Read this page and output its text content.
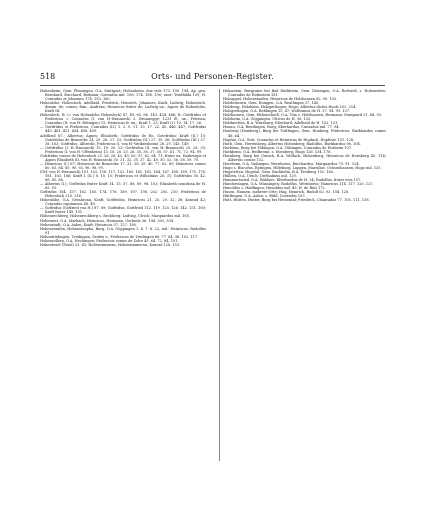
518	Orts- und Personen-Register.

Hohenheim, Gem. Plieningen, O.A. Stuttgart; Hohenheim, dux vide 173. 190. 194. Ap. gen. Bernhard, Burchard, Bodman; Conradus mil. 106. 174. 188. 190; uxor: Trudhilda 105; H. Conradus et Johannes 174. 193. 160.

Hohenlohe, Hohenloch, Adelheid, Friedrich, Heinrich, Johannes, Kraft, Ludwig; Hohenloch, domin. de; comes; fam.: Andreas; Heinricus frater de; Ludwig ux.: Agnes de Hohenlohe, Kraft III.

Hohenloch, H. (= von Hohenlohe Hohenloch) 47. 49. 65. 66. 143. 434. 486; H. Gottfridus et Fridericus = Conradus (I. von H.-Brauneck) 2. Brunnegge; 1231 ff.; ux.: Petrissa; Conradus (II. von H.-Rötingen) 15; Heinricus fr. ux.: Kraft 1. 23; Kraft (I.) 10. 14. 17. 26.

— Gottfridus et Fridericus, Conradus (II.) 1. 2. 9. 11. 13. 17. 22. 45. 446. 447; Gottfridus 443. 481. 451. 454. 458. 459.

Adelheid 67.; Albertus; Agnes; Elisabeth; Gottfridus de Ho. Gotefridus; Kraft (II.) 15; Gotefridus de Brunecke 24. 25. 26. 27. 33; Gottfridus (II.) 27. 35. 36; Gottfridus (III.) 37. 38. 163; Gotfridus, Albrecht, Fridericus (I. von H.-Weikersheim) 28. 29. 143. 149.

— Gottfridus (I. H.-Brauneck) 15. 18. 20. 23; Gottfridus (II. von H.-Brauneck) 25. 28. 35; Fridericus (I. von H.-Uffenheim) 15. 18. 20. 25. 26. 35. 38. 37. 50. 57. 61. 71. 72. 94. 99.

Gottfridus comes de Hohenloch 25. 26. 28. 43. 45; 50; 57; 62. 64. 71; frater ux. Hadewigis et Agnes Elizabeth (II. von H.-Brauneck) 30. 31. 32. 35. 37. 42. 49. 50. 52. 56. 58. 59. 70.

— Heinricus (I.) 67; Heinricus de Brunecke 17. 31. 38. 39. 40. 77. 82. 89; Heinricus comes 80. 83. 84. 85. 90. 93. 96. 98. 99.

(Grf. von H.-Brauneck) 101. 102. 116. 117. 152. 160. 161. 162. 164. 167. 168. 169. 170. 178. 181. 183. 186; Kraft I. (II.) 8. 10. 15; Fridericus et Wilhelmus 28. 31; Gottfridus 38. 42. 66. 85. 86.

— Albertus (I.); Gotfridus frater Kraft 14. 15. 57. 88. 89. 98. 103; Elizabeth comitissa de H. 85. 93.

Gotfridus 184. 157. 162. 165. 174. 176. 189. 197. 198. 202. 205. 210; Fridericus de Hohenloch 210. 216.

Hohenlohe, O.A. Gerabronn, Kraft, Gottfridus, Heinricus 21. 25. 29. 32. 38; Konrad 42; Conradus capitaneus 46. 49.

— Gotfridus (Gotfried von H.) 87. 89; Gotfridus, Gottfried 112. 119. 125. 126. 142. 151. 160; Kraft frater 149. 151.

Hohenrechberg, Hohenrechberg s. Rechberg. Ludwig, Ulrich; Marquardus mil. 185.

Hohenriet, O.A. Marbach, Heinricus, Hermann, Gerlinde 36. 194. 303. 304.

Hohenstadt, O.A. Aalen, Kraft; Heinricus 37. 127. 198.

Hohenstaufen, Hohenstoupha, Burg, O.A. Göppingen 1. 4. 7. 8. 22; mil.: Heinricus, Rudolfus 91.

Hohentrüdingen, Trudingen, Grafen v.; Fridericus de Trudingen 66. 77. 84. 96. 102. 117.

Hohenzollern, O.A. Hechingen; Fridericus comes de Zolre 45. 64. 72. 84. 101.

Hohentwiel (Twiel) 33. 45; Hohenzimmern, Hohenzimmeren, Konrad 128. 153.

Hohnstein, Burgruine bei Bad Dürkheim, Gem. Dietingen, O.A. Rottweil, s. Hohenstein; Conradus de Hohnstein 181.

Holzappel, Hohenstaufen; Heinricus de Holzhausen 82. 90. 103.

Holzbrunnen, Gem. Eningen, O.A. Reutlingen 37. 145.

Holzburg, Holzheim, Holzgerlingen; Hugo; Albertus dictus Hoolz 102. 214.

Holzgerlingen, O.A. Böblingen 15. 47; Wolframus de H. 57. 94. 99. 137.

Holzhausen, Gem. Ettlenschieß, O.A. Ulm s. Holzhausen; Hermann, Marquard 31. 84. 93.

Holzheim, O.A. Göppingen, Ulricus de H. 36. 135.

Holzkirchen, B.A. Würzburg; Eberhard; Adelheid de H. 102. 131.

Honau, O.A. Reutlingen, Burg; Eberhardus, Cunradus mil. 77. 94.

Honberg (Homberg), Burg bei Tuttlingen, Gem. Honberg; Fridericus, Burkhardus comes 48. 64.

Hopfau, O.A. Sulz; Conradus et Heinricus de Hopfach, Hopfowe 101. 128.

Horb, Gem. Herrenberg, Albertus Hohenberg; Rudolfus, Burkhardus 96. 104.

Horheim, Burg bei Tübingen, O.A. Tübingen; Cunradus de Horheim 107.

Horkheim, O.A. Heilbronn, s. Hornberg; Hugo 126. 134. 176.

Hornberg, Burg bei Gutach, B.A. Wolfach, Hohenberg; Heinricus de Hornberg 45. 114; Albertus comes 152.

Horrheim, O.A. Vaihingen; Wernherus, Burchardus, Marquardus 75. 91. 124.

Hugo s. Biscofus, Eptingen, Hilteburg, Luppen, Marsilius, Ochsenhausen; Hugo mil. 135.

Hugstetten, Hugstat, Gem. Buchhelm, B.A. Freiburg 152. 160.

Hülben, O.A. Urach; Diethalmus mil. 129.

Hummertsried, O.A. Waldsee, Eberhardus de H. 34; Rudolfus, frater eius 157.

Hundersingen, O.A. Münsingen; Rudolfus, Wernherus; Hainricus 114. 117. 120. 127.

Hunoldus s. Hailfingen; Hunoldus mil. 49; H. de Ruti 172.

Husen, Hausen, mehrere Orte; Hug, Heinrich, Rudolf 62. 93. 104. 128.

Hüttlingen, O.A. Aalen, s. Bühl; Conradus 103.

Hutt, Hutten, Hutter, Burg bei Hessental; Friedrich, Chunradus 77. 105. 111. 138.
